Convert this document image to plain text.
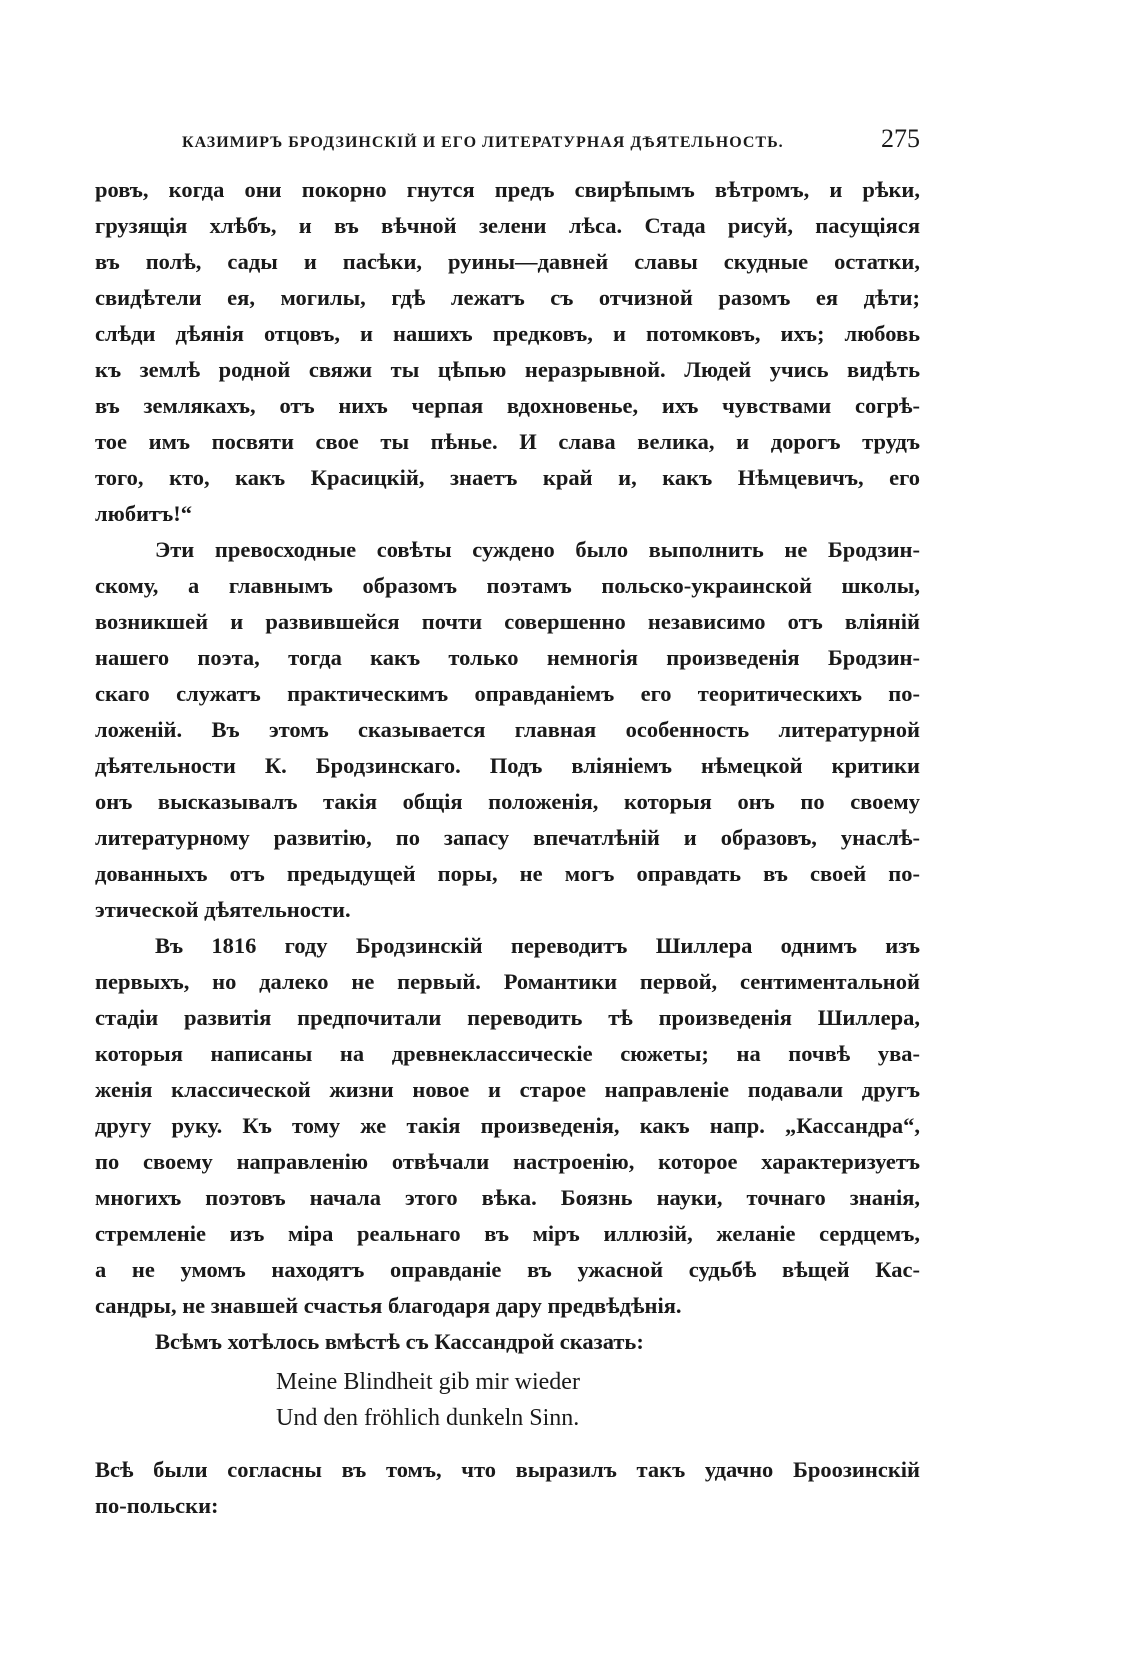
КАЗИМИРЪ БРОДЗИНСКІЙ И ЕГО ЛИТЕРАТУРНАЯ ДѢЯТЕЛЬНОСТЬ.	275
ровъ, когда они покорно гнутся предъ свирѣпымъ вѣтромъ, и рѣки,
грузящія хлѣбъ, и въ вѣчной зелени лѣса. Стада рисуй, пасущіяся
въ полѣ, сады и пасѣки, руины—давней славы скудные остатки,
свидѣтели ея, могилы, гдѣ лежатъ съ отчизной разомъ ея дѣти;
слѣди дѣянія отцовъ, и нашихъ предковъ, и потомковъ, ихъ; любовь
къ землѣ родной свяжи ты цѣпью неразрывной. Людей учись видѣть
въ землякахъ, отъ нихъ черпая вдохновенье, ихъ чувствами согрѣ-
тое имъ посвяти свое ты пѣнье. И слава велика, и дорогъ трудъ
того, кто, какъ Красицкій, знаетъ край и, какъ Нѣмцевичъ, его
любитъ!“
Эти превосходные совѣты суждено было выполнить не Бродзин-
скому, а главнымъ образомъ поэтамъ польско-украинской школы,
возникшей и развившейся почти совершенно независимо отъ вліяній
нашего поэта, тогда какъ только немногія произведенія Бродзин-
скаго служатъ практическимъ оправданіемъ его теоритическихъ по-
ложеній. Въ этомъ сказывается главная особенность литературной
дѣятельности К. Бродзинскаго. Подъ вліяніемъ нѣмецкой критики
онъ высказывалъ такія общія положенія, которыя онъ по своему
литературному развитію, по запасу впечатлѣній и образовъ, унаслѣ-
дованныхъ отъ предыдущей поры, не могъ оправдать въ своей по-
этической дѣятельности.
Въ 1816 году Бродзинскій переводитъ Шиллера однимъ изъ
первыхъ, но далеко не первый. Романтики первой, сентиментальной
стадіи развитія предпочитали переводить тѣ произведенія Шиллера,
которыя написаны на древнеклассическіе сюжеты; на почвѣ ува-
женія классической жизни новое и старое направленіе подавали другъ
другу руку. Къ тому же такія произведенія, какъ напр. „Кассандра“,
по своему направленію отвѣчали настроенію, которое характеризуетъ
многихъ поэтовъ начала этого вѣка. Боязнь науки, точнаго знанія,
стремленіе изъ міра реальнаго въ міръ иллюзій, желаніе сердцемъ,
а не умомъ находятъ оправданіе въ ужасной судьбѣ вѣщей Кас-
сандры, не знавшей счастья благодаря дару предвѣдѣнія.
Всѣмъ хотѣлось вмѣстѣ съ Кассандрой сказать:
Meine Blindheit gib mir wieder
Und den fröhlich dunkeln Sinn.
Всѣ были согласны въ томъ, что выразилъ такъ удачно Броозинскій
по-польски:
